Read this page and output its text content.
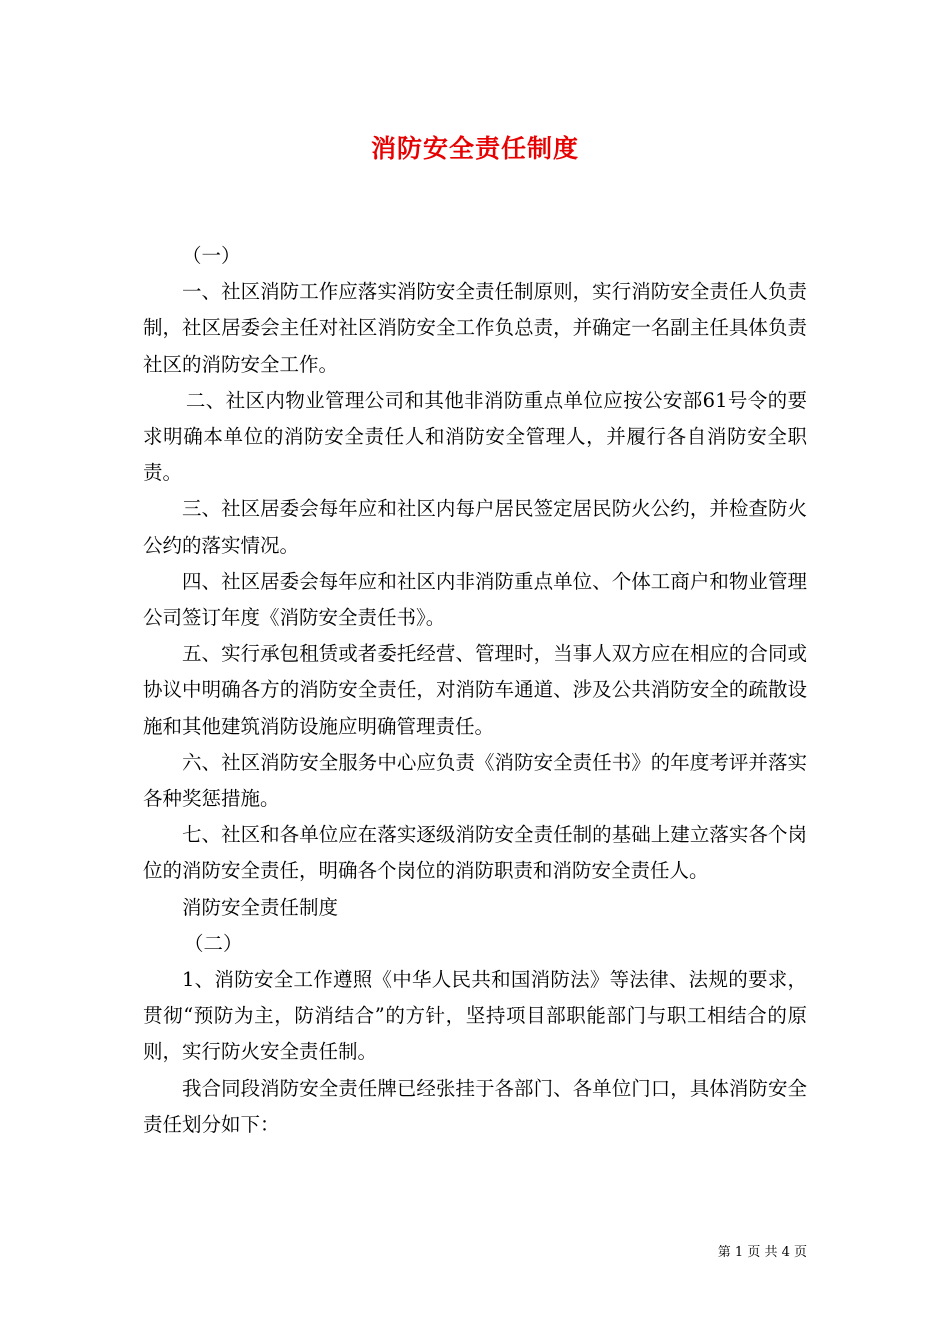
消防安全责任制度

（一）

一、社区消防工作应落实消防安全责任制原则，实行消防安全责任人负责制，社区居委会主任对社区消防安全工作负总责，并确定一名副主任具体负责社区的消防安全工作。

二、社区内物业管理公司和其他非消防重点单位应按公安部61号令的要求明确本单位的消防安全责任人和消防安全管理人，并履行各自消防安全职责。

三、社区居委会每年应和社区内每户居民签定居民防火公约，并检查防火公约的落实情况。

四、社区居委会每年应和社区内非消防重点单位、个体工商户和物业管理公司签订年度《消防安全责任书》。

五、实行承包租赁或者委托经营、管理时，当事人双方应在相应的合同或协议中明确各方的消防安全责任，对消防车通道、涉及公共消防安全的疏散设施和其他建筑消防设施应明确管理责任。

六、社区消防安全服务中心应负责《消防安全责任书》的年度考评并落实各种奖惩措施。

七、社区和各单位应在落实逐级消防安全责任制的基础上建立落实各个岗位的消防安全责任，明确各个岗位的消防职责和消防安全责任人。

消防安全责任制度

（二）

1、消防安全工作遵照《中华人民共和国消防法》等法律、法规的要求，贯彻“预防为主，防消结合”的方针，坚持项目部职能部门与职工相结合的原则，实行防火安全责任制。

我合同段消防安全责任牌已经张挂于各部门、各单位门口，具体消防安全责任划分如下：

第 1 页 共 4 页
